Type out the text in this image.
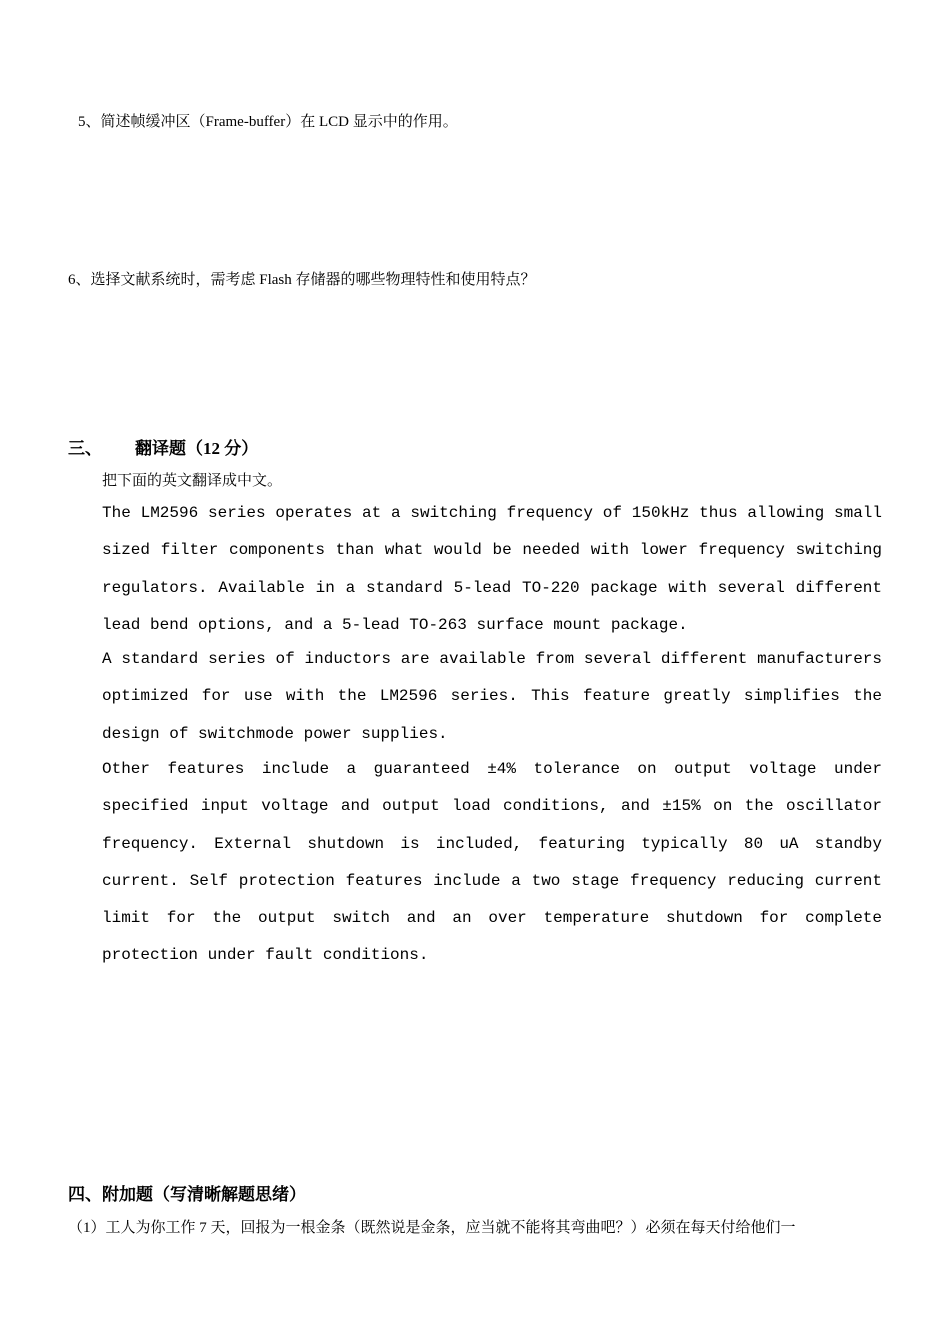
5、简述帧缓冲区（Frame-buffer）在 LCD 显示中的作用。
6、选择文献系统时，需考虑 Flash 存储器的哪些物理特性和使用特点？
三、 翻译题（12 分）
把下面的英文翻译成中文。
The LM2596 series operates at a switching frequency of 150kHz thus allowing small sized filter components than what would be needed with lower frequency switching regulators. Available in a standard 5-lead TO-220 package with several different lead bend options, and a 5-lead TO-263 surface mount package.
A standard series of inductors are available from several different manufacturers optimized for use with the LM2596 series. This feature greatly simplifies the design of switchmode power supplies.
Other features include a guaranteed ±4% tolerance on output voltage under specified input voltage and output load conditions, and ±15% on the oscillator frequency. External shutdown is included, featuring typically 80 uA standby current. Self protection features include a two stage frequency reducing current limit for the output switch and an over temperature shutdown for complete protection under fault conditions.
四、附加题（写清晰解题思绪）
（1）工人为你工作 7 天，回报为一根金条（既然说是金条，应当就不能将其弯曲吧？）必须在每天付给他们一
